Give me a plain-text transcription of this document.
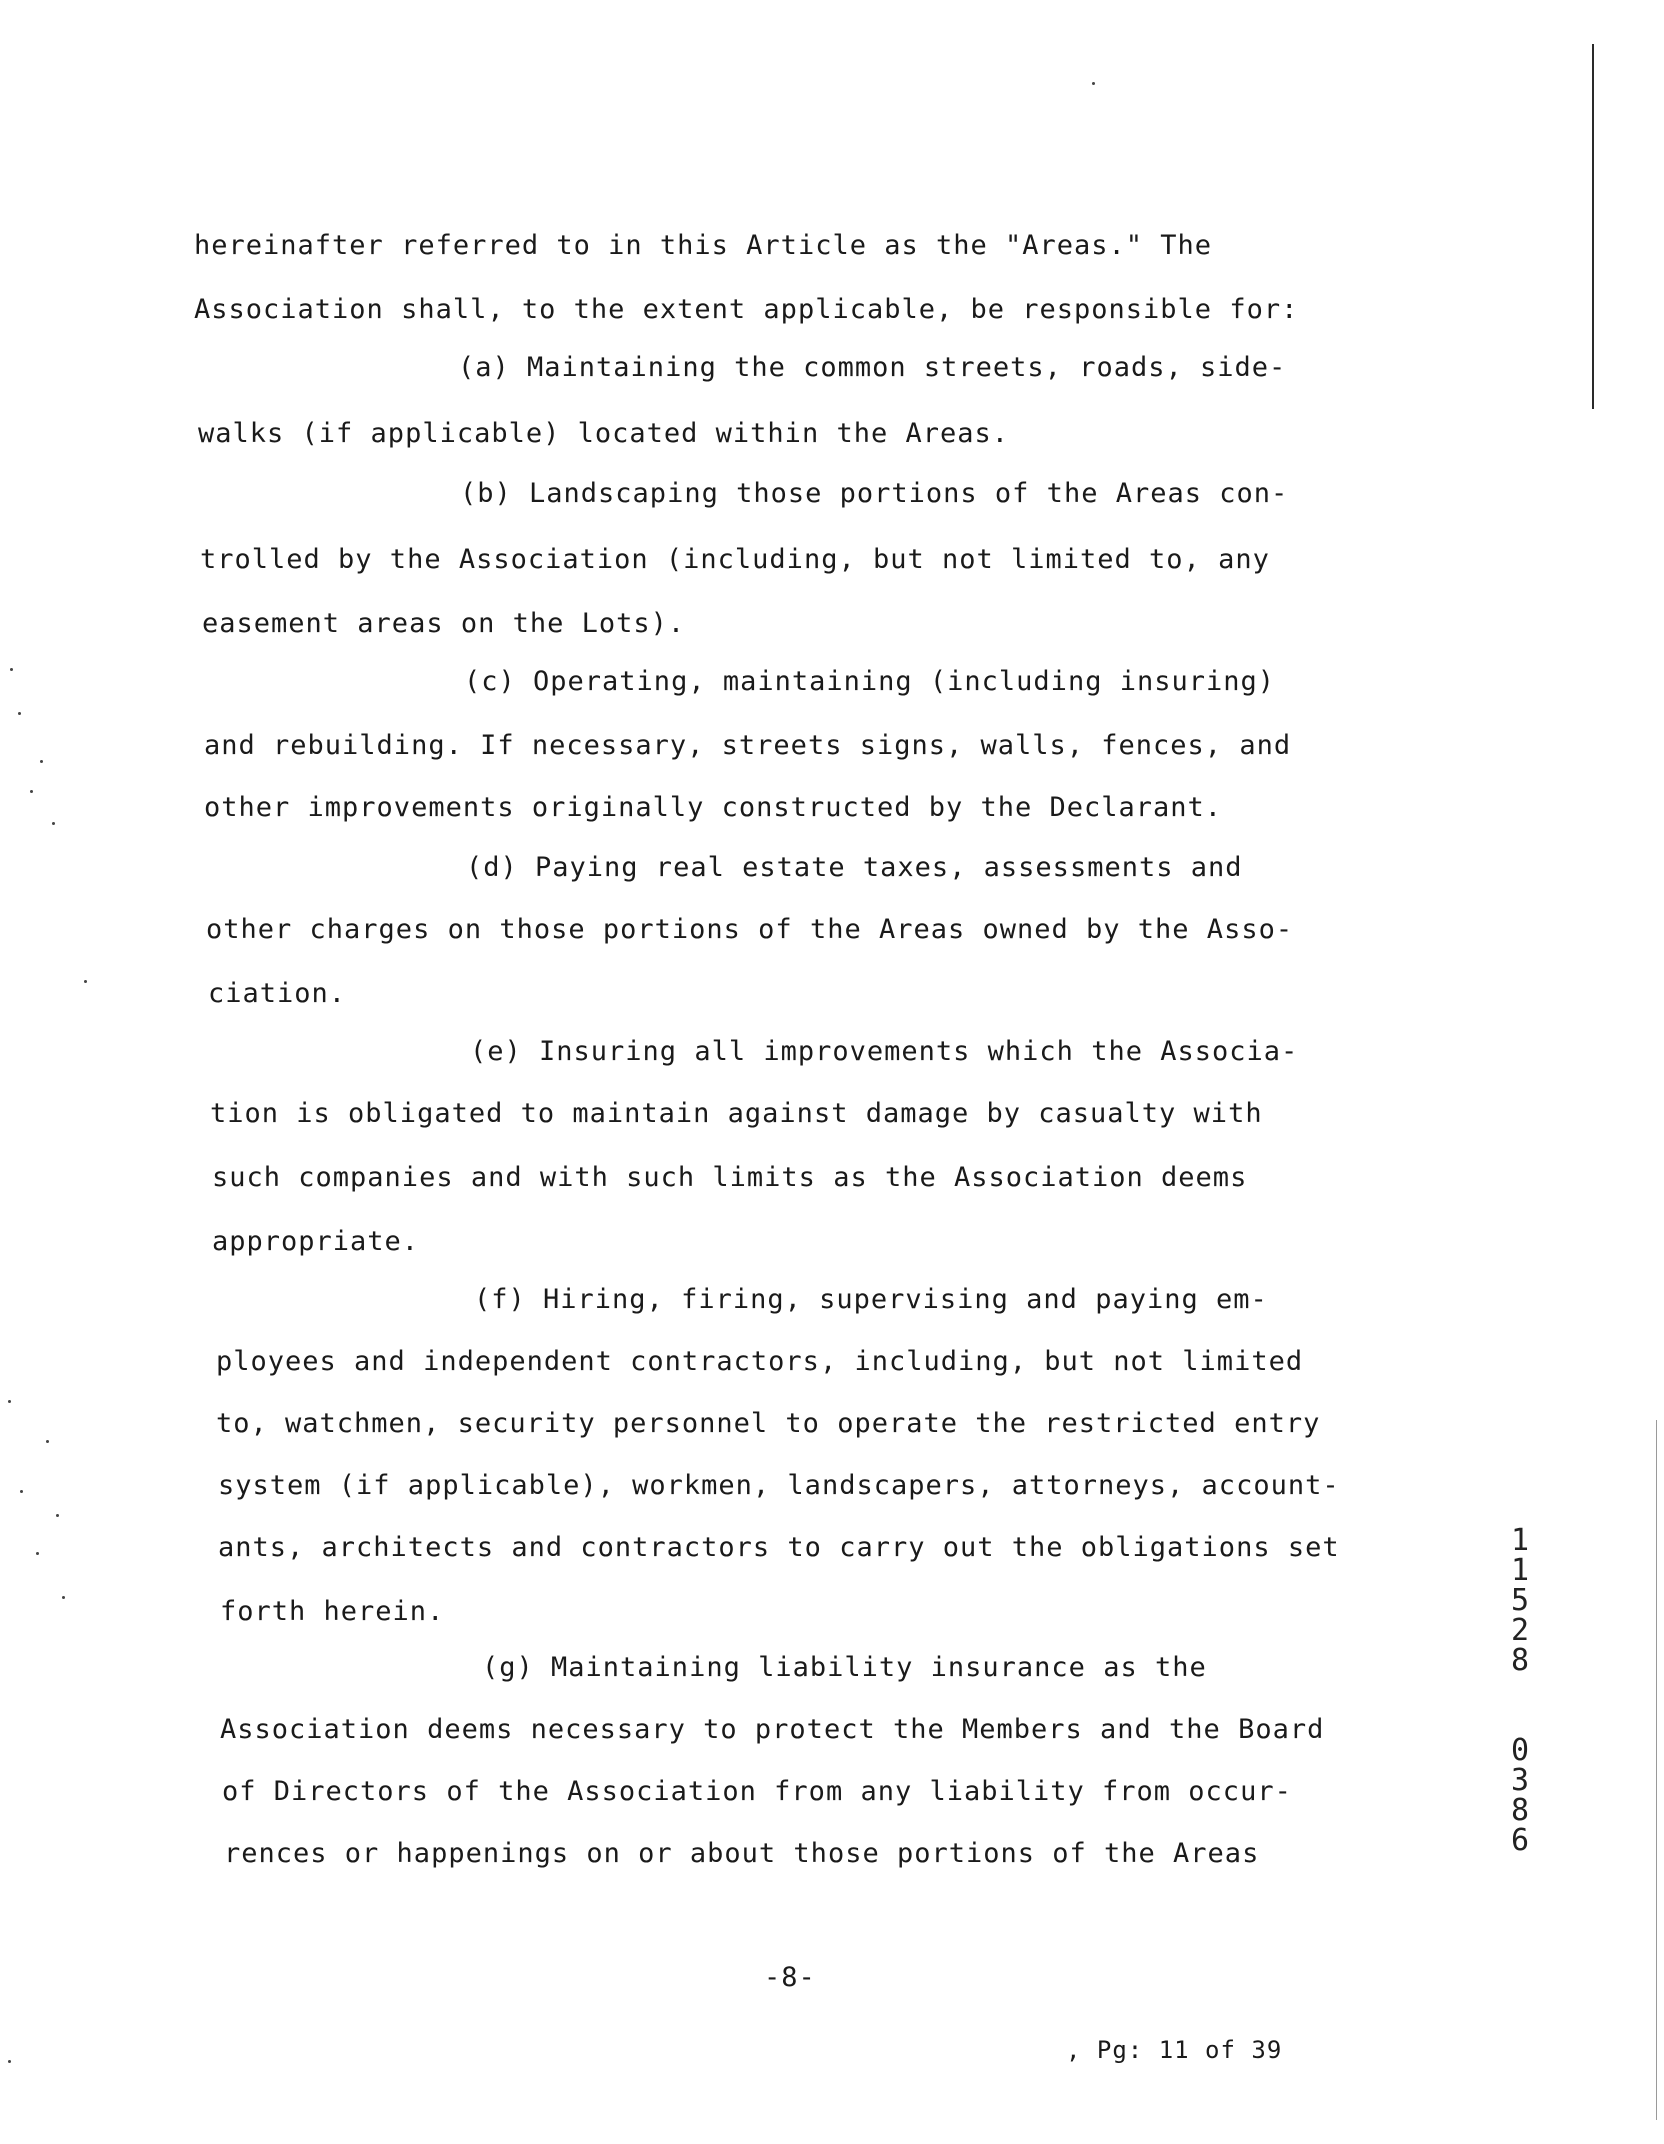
hereinafter referred to in this Article as the "Areas." The
Association shall, to the extent applicable, be responsible for:
(a) Maintaining the common streets, roads, side-
walks (if applicable) located within the Areas.
(b) Landscaping those portions of the Areas con-
trolled by the Association (including, but not limited to, any
easement areas on the Lots).
(c) Operating, maintaining (including insuring)
and rebuilding. If necessary, streets signs, walls, fences, and
other improvements originally constructed by the Declarant.
(d) Paying real estate taxes, assessments and
other charges on those portions of the Areas owned by the Asso-
ciation.
(e) Insuring all improvements which the Associa-
tion is obligated to maintain against damage by casualty with
such companies and with such limits as the Association deems
appropriate.
(f) Hiring, firing, supervising and paying em-
ployees and independent contractors, including, but not limited
to, watchmen, security personnel to operate the restricted entry
system (if applicable), workmen, landscapers, attorneys, account-
ants, architects and contractors to carry out the obligations set
forth herein.
(g) Maintaining liability insurance as the
Association deems necessary to protect the Members and the Board
of Directors of the Association from any liability from occur-
rences or happenings on or about those portions of the Areas
1
1
5
2
8

0
3
8
6

-8-
, Pg: 11 of 39
